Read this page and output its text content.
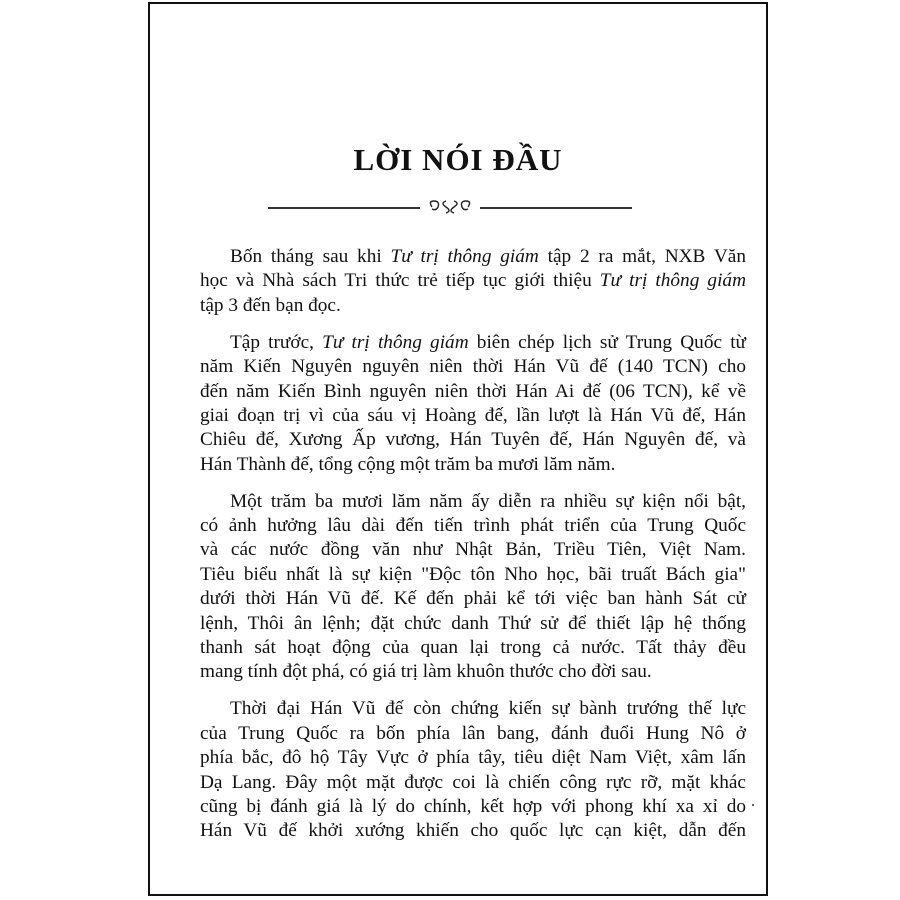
LỜI NÓI ĐẦU
Bốn tháng sau khi Tư trị thông giám tập 2 ra mắt, NXB Văn
học và Nhà sách Tri thức trẻ tiếp tục giới thiệu Tư trị thông giám
tập 3 đến bạn đọc.
Tập trước, Tư trị thông giám biên chép lịch sử Trung Quốc từ
năm Kiến Nguyên nguyên niên thời Hán Vũ đế (140 TCN) cho
đến năm Kiến Bình nguyên niên thời Hán Ai đế (06 TCN), kể về
giai đoạn trị vì của sáu vị Hoàng đế, lần lượt là Hán Vũ đế, Hán
Chiêu đế, Xương Ấp vương, Hán Tuyên đế, Hán Nguyên đế, và
Hán Thành đế, tổng cộng một trăm ba mươi lăm năm.
Một trăm ba mươi lăm năm ấy diễn ra nhiều sự kiện nổi bật,
có ảnh hưởng lâu dài đến tiến trình phát triển của Trung Quốc
và các nước đồng văn như Nhật Bản, Triều Tiên, Việt Nam.
Tiêu biểu nhất là sự kiện "Độc tôn Nho học, bãi truất Bách gia"
dưới thời Hán Vũ đế. Kế đến phải kể tới việc ban hành Sát cử
lệnh, Thôi ân lệnh; đặt chức danh Thứ sử để thiết lập hệ thống
thanh sát hoạt động của quan lại trong cả nước. Tất thảy đều
mang tính đột phá, có giá trị làm khuôn thước cho đời sau.
Thời đại Hán Vũ đế còn chứng kiến sự bành trướng thế lực
của Trung Quốc ra bốn phía lân bang, đánh đuổi Hung Nô ở
phía bắc, đô hộ Tây Vực ở phía tây, tiêu diệt Nam Việt, xâm lấn
Dạ Lang. Đây một mặt được coi là chiến công rực rỡ, mặt khác
cũng bị đánh giá là lý do chính, kết hợp với phong khí xa xỉ do
Hán Vũ đế khởi xướng khiến cho quốc lực cạn kiệt, dẫn đến
